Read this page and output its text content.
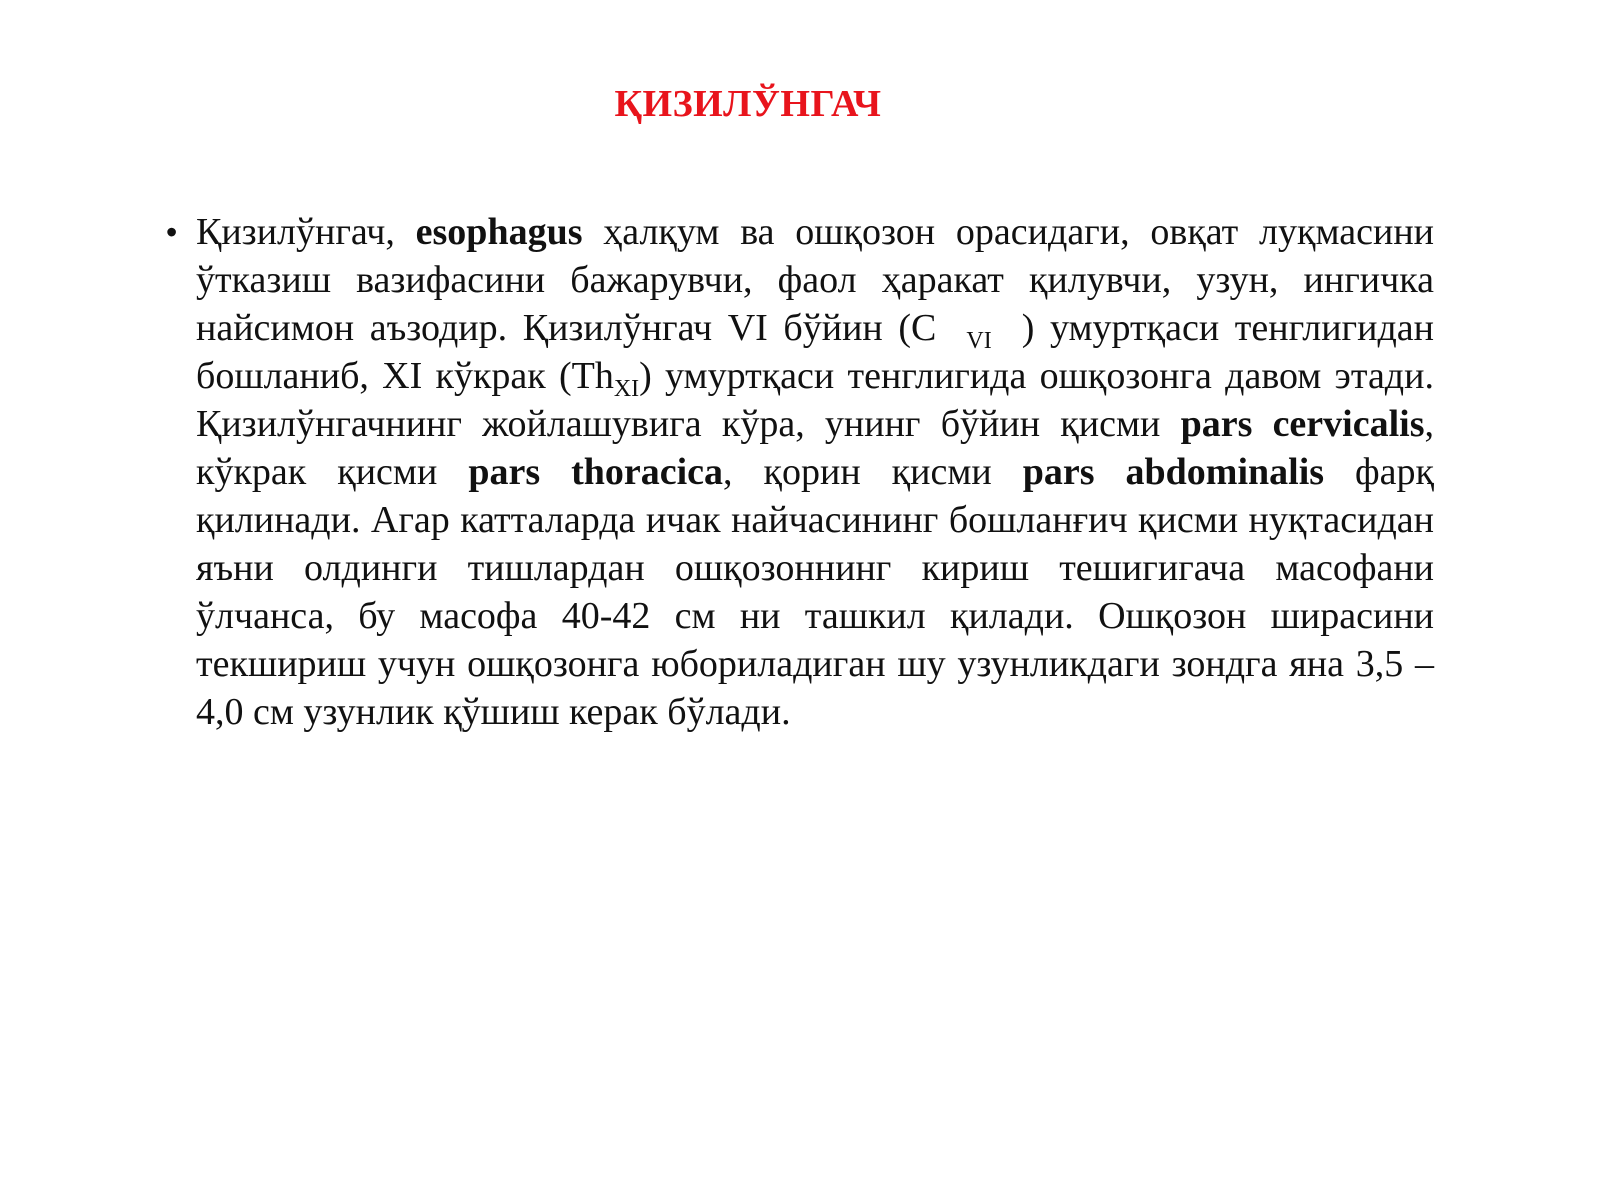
ҚИЗИЛЎНГАЧ
• Қизилўнгач, esophagus ҳалқум ва ошқозон орасидаги, овқат луқмасини ўтказиш вазифасини бажарувчи, фаол ҳаракат қилувчи, узун, ингичка найсимон аъзодир. Қизилўнгач VI бўйин (C $_{VI}$ ) умуртқаси тенглигидан бошланиб, XI кўкрак $(Th_{XI})$ умуртқаси тенглигида ошқозонга давом этади. Қизилўнгачнинг жойлашувига кўра, унинг бўйин қисми pars cervicalis, кўкрак қисми pars thoracica, қорин қисми pars abdominalis фарқ қилинади. Агар катталарда ичак найчасининг бошланғич қисми нуқтасидан яъни олдинги тишлардан ошқозоннинг кириш тешигигача масофани ўлчанса, бу масофа 40-42 см ни ташкил қилади. Ошқозон ширасини текшириш учун ошқозонга юбориладиган шу узунликдаги зондга яна 3,5 – 4,0 см узунлик қўшиш керак бўлади.
